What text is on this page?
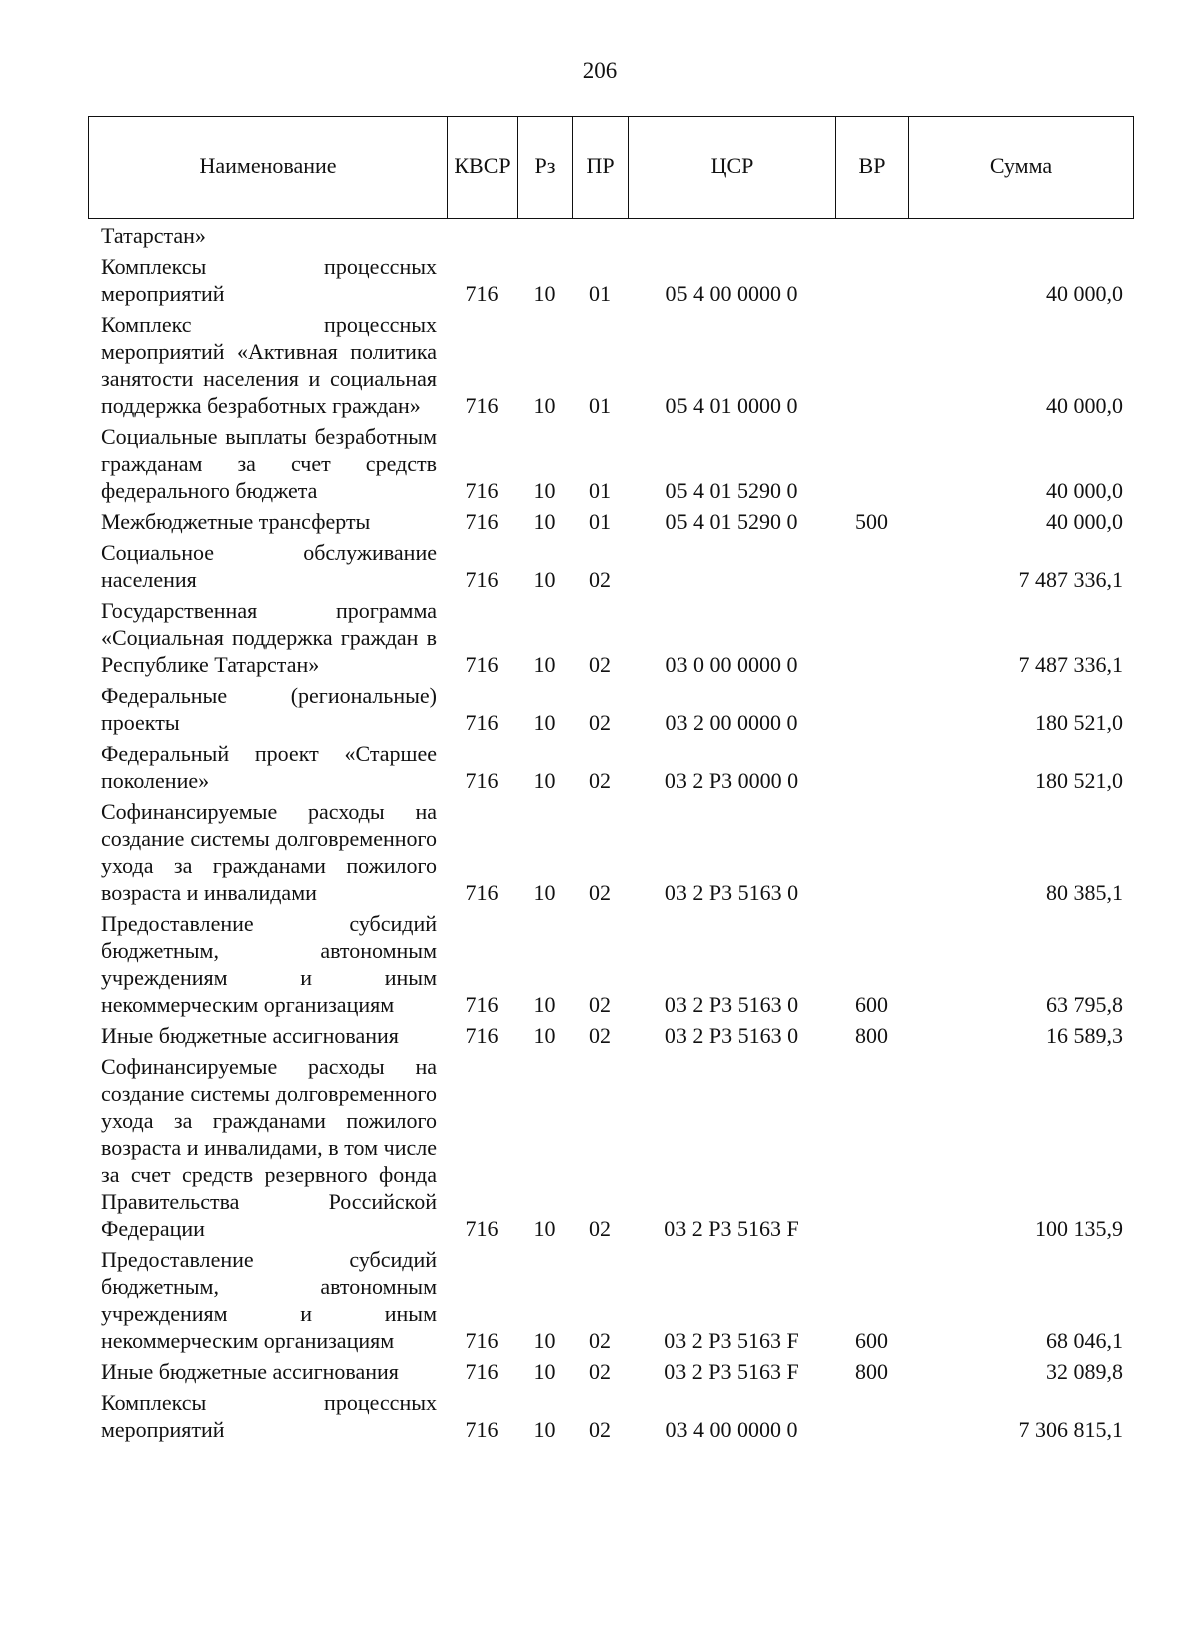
206
Наименование	КВСР	Рз	ПР	ЦСР	ВР	Сумма
Татарстан»						

Комплексы процессных мероприятий	716	10	01	05 4 00 0000 0		40 000,0

Комплекс процессных мероприятий «Активная политика занятости населения и социальная поддержка безработных граждан»	716	10	01	05 4 01 0000 0		40 000,0

Социальные выплаты безработным гражданам за счет средств федерального бюджета	716	10	01	05 4 01 5290 0		40 000,0

Межбюджетные трансферты	716	10	01	05 4 01 5290 0	500	40 000,0

Социальное обслуживание населения	716	10	02			7 487 336,1

Государственная программа «Социальная поддержка граждан в Республике Татарстан»	716	10	02	03 0 00 0000 0		7 487 336,1

Федеральные (региональные) проекты	716	10	02	03 2 00 0000 0		180 521,0

Федеральный проект «Старшее поколение»	716	10	02	03 2 P3 0000 0		180 521,0

Софинансируемые расходы на создание системы долговременного ухода за гражданами пожилого возраста и инвалидами	716	10	02	03 2 P3 5163 0		80 385,1

Предоставление субсидий бюджетным, автономным учреждениям и иным некоммерческим организациям	716	10	02	03 2 P3 5163 0	600	63 795,8

Иные бюджетные ассигнования	716	10	02	03 2 P3 5163 0	800	16 589,3

Софинансируемые расходы на создание системы долговременного ухода за гражданами пожилого возраста и инвалидами, в том числе за счет средств резервного фонда Правительства Российской Федерации	716	10	02	03 2 P3 5163 F		100 135,9

Предоставление субсидий бюджетным, автономным учреждениям и иным некоммерческим организациям	716	10	02	03 2 P3 5163 F	600	68 046,1

Иные бюджетные ассигнования	716	10	02	03 2 P3 5163 F	800	32 089,8

Комплексы процессных мероприятий	716	10	02	03 4 00 0000 0		7 306 815,1
